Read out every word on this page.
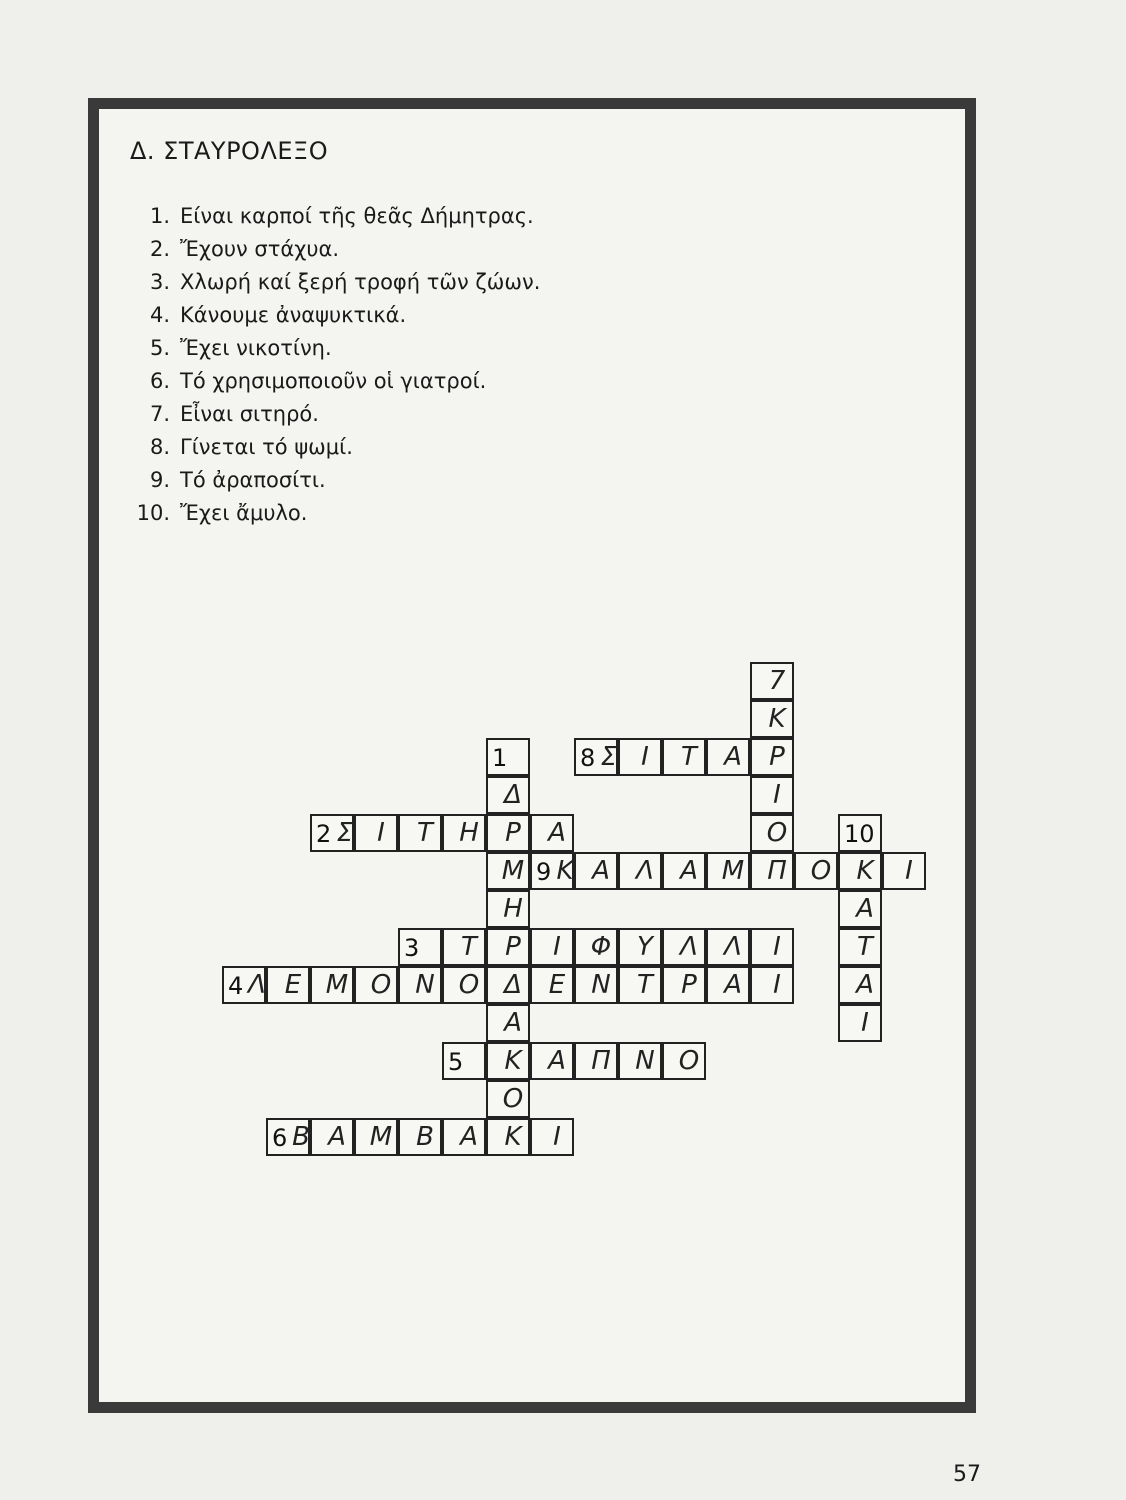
Δ. ΣΤΑΥΡΟΛΕΞΟ
1. Είναι καρποί τῆς θεᾶς Δήμητρας.
2. Ἔχουν στάχυα.
3. Χλωρή καί ξερή τροφή τῶν ζώων.
4. Κάνουμε ἀναψυκτικά.
5. Ἔχει νικοτίνη.
6. Τό χρησιμοποιοῦν οἱ γιατροί.
7. Εἶναι σιτηρό.
8. Γίνεται τό ψωμί.
9. Τό ἀραποσίτι.
10. Ἔχει ἄμυλο.
7
Κ
1	8 Σ Ι Τ Α Ρ
Δ	Ι
2 Σ Ι Τ Η Ρ Α	Ο 10
Μ 9 Κ Α Λ Α Μ Π Ο Κ Ι
Η	Α
3 Τ Ρ Ι Φ Υ Λ Λ Ι	Τ
4 Λ Ε Μ Ο Ν Ο Δ Ε Ν Τ Ρ Α Ι	Α
Α	Ι
5 Κ Α Π Ν Ο
Ο
6 Β Α Μ Β Α Κ Ι
57
